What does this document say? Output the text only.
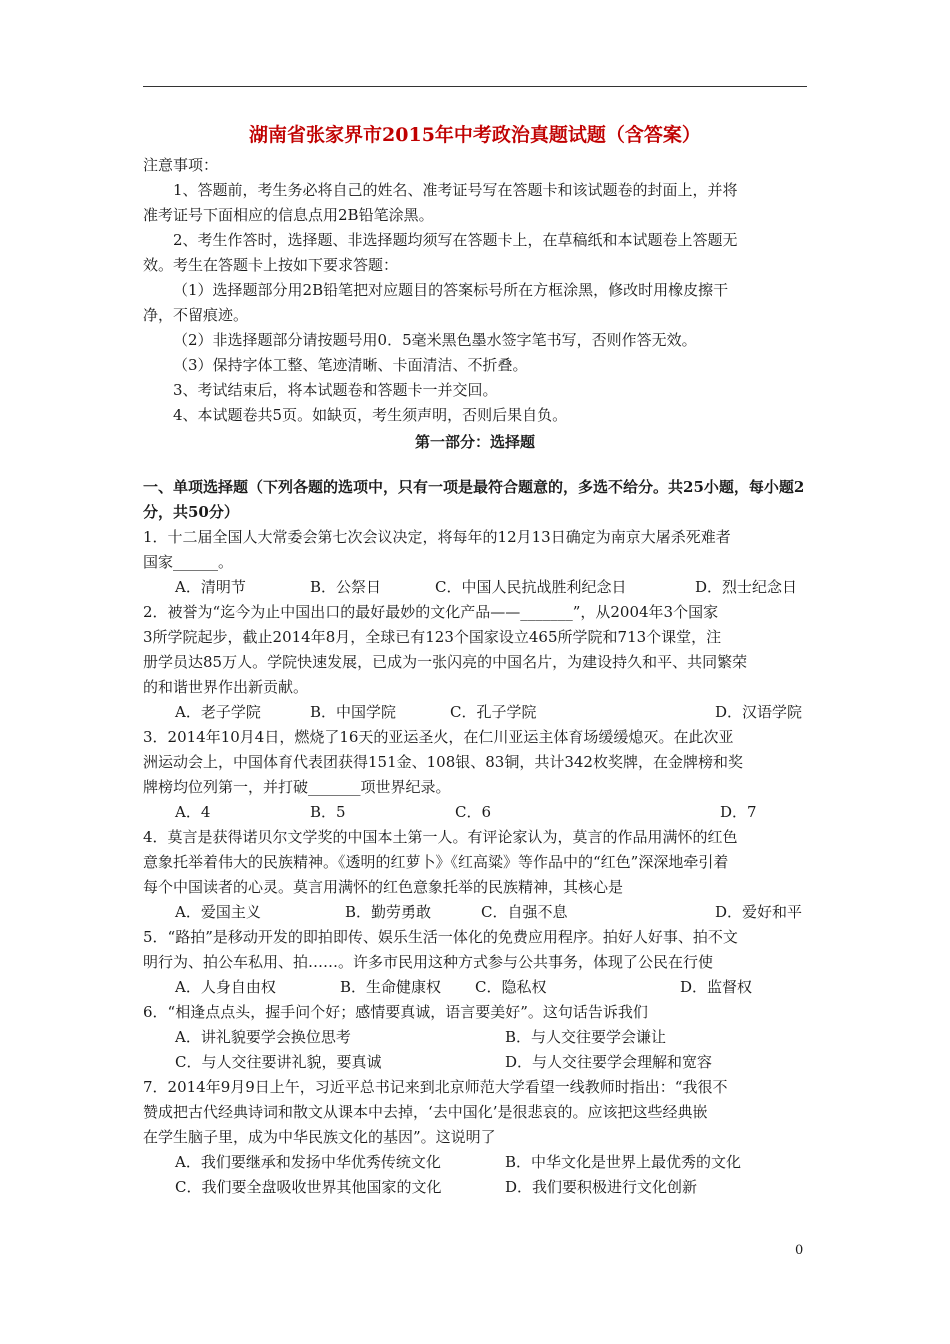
湖南省张家界市2015年中考政治真题试题（含答案）
注意事项：
1、答题前，考生务必将自己的姓名、准考证号写在答题卡和该试题卷的封面上，并将
准考证号下面相应的信息点用2B铅笔涂黑。
2、考生作答时，选择题、非选择题均须写在答题卡上，在草稿纸和本试题卷上答题无
效。考生在答题卡上按如下要求答题：
（1）选择题部分用2B铅笔把对应题目的答案标号所在方框涂黑，修改时用橡皮擦干
净，不留痕迹。
（2）非选择题部分请按题号用0．5毫米黑色墨水签字笔书写，否则作答无效。
（3）保持字体工整、笔迹清晰、卡面清洁、不折叠。
3、考试结束后，将本试题卷和答题卡一并交回。
4、本试题卷共5页。如缺页，考生须声明，否则后果自负。
第一部分：选择题
一、单项选择题（下列各题的选项中，只有一项是最符合题意的，多选不给分。共25小题，每小题2分，共50分）
1．十二届全国人大常委会第七次会议决定，将每年的12月13日确定为南京大屠杀死难者
国家______。
A．清明节	B．公祭日	C．中国人民抗战胜利纪念日	D．烈士纪念日
2．被誉为“迄今为止中国出口的最好最妙的文化产品——_______”，从2004年3个国家
3所学院起步，截止2014年8月，全球已有123个国家设立465所学院和713个课堂，注
册学员达85万人。学院快速发展，已成为一张闪亮的中国名片，为建设持久和平、共同繁荣
的和谐世界作出新贡献。
A．老子学院	B．中国学院	C．孔子学院	D．汉语学院
3．2014年10月4日，燃烧了16天的亚运圣火，在仁川亚运主体育场缓缓熄灭。在此次亚
洲运动会上，中国体育代表团获得151金、108银、83铜，共计342枚奖牌，在金牌榜和奖
牌榜均位列第一，并打破_______项世界纪录。
A．4	B．5	C．6	D．7
4．莫言是获得诺贝尔文学奖的中国本土第一人。有评论家认为，莫言的作品用满怀的红色
意象托举着伟大的民族精神。《透明的红萝卜》《红高粱》等作品中的“红色”深深地牵引着
每个中国读者的心灵。莫言用满怀的红色意象托举的民族精神，其核心是
A．爱国主义	B．勤劳勇敢	C．自强不息	D．爱好和平
5．“路拍”是移动开发的即拍即传、娱乐生活一体化的免费应用程序。拍好人好事、拍不文
明行为、拍公车私用、拍……。许多市民用这种方式参与公共事务，体现了公民在行使
A．人身自由权	B．生命健康权	C．隐私权	D．监督权
6．“相逢点点头，握手问个好；感情要真诚，语言要美好”。这句话告诉我们
A．讲礼貌要学会换位思考	B．与人交往要学会谦让
C．与人交往要讲礼貌，要真诚	D．与人交往要学会理解和宽容
7．2014年9月9日上午，习近平总书记来到北京师范大学看望一线教师时指出：“我很不
赞成把古代经典诗词和散文从课本中去掉，‘去中国化’是很悲哀的。应该把这些经典嵌
在学生脑子里，成为中华民族文化的基因”。这说明了
A．我们要继承和发扬中华优秀传统文化	B．中华文化是世界上最优秀的文化
C．我们要全盘吸收世界其他国家的文化	D．我们要积极进行文化创新
0
